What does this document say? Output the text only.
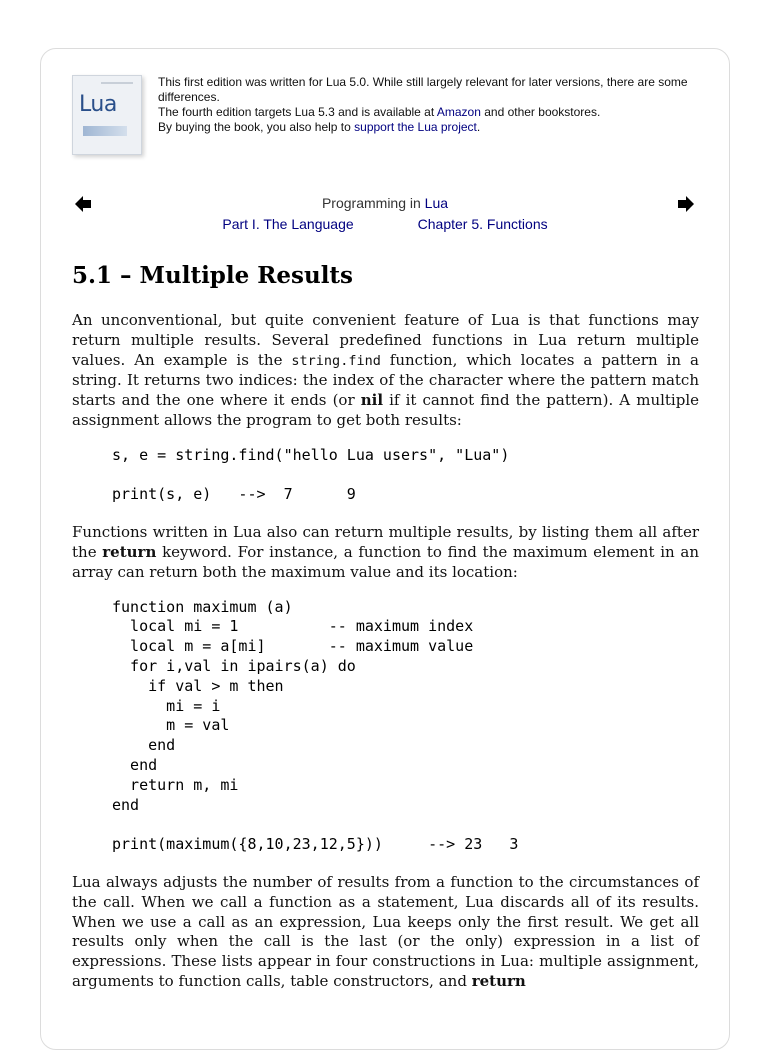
Lua

This first edition was written for Lua 5.0. While still largely relevant for later versions, there are some differences.

The fourth edition targets Lua 5.3 and is available at Amazon and other bookstores.

By buying the book, you also help to support the Lua project.

Programming in Lua
Part I. The Language	Chapter 5. Functions
5.1 – Multiple Results

An unconventional, but quite convenient feature of Lua is that functions may return multiple results. Several predefined functions in Lua return multiple values. An example is the string.find function, which locates a pattern in a string. It returns two indices: the index of the character where the pattern match starts and the one where it ends (or nil if it cannot find the pattern). A multiple assignment allows the program to get both results:

s, e = string.find("hello Lua users", "Lua")

print(s, e)   -->  7      9

Functions written in Lua also can return multiple results, by listing them all after the return keyword. For instance, a function to find the maximum element in an array can return both the maximum value and its location:

function maximum (a)
local mi = 1          -- maximum index
local m = a[mi]       -- maximum value
for i,val in ipairs(a) do
if val > m then
mi = i
m = val
end
end
return m, mi
end

print(maximum({8,10,23,12,5}))     --> 23   3

Lua always adjusts the number of results from a function to the circumstances of the call. When we call a function as a statement, Lua discards all of its results. When we use a call as an expression, Lua keeps only the first result. We get all results only when the call is the last (or the only) expression in a list of expressions. These lists appear in four constructions in Lua: multiple assignment, arguments to function calls, table constructors, and return
